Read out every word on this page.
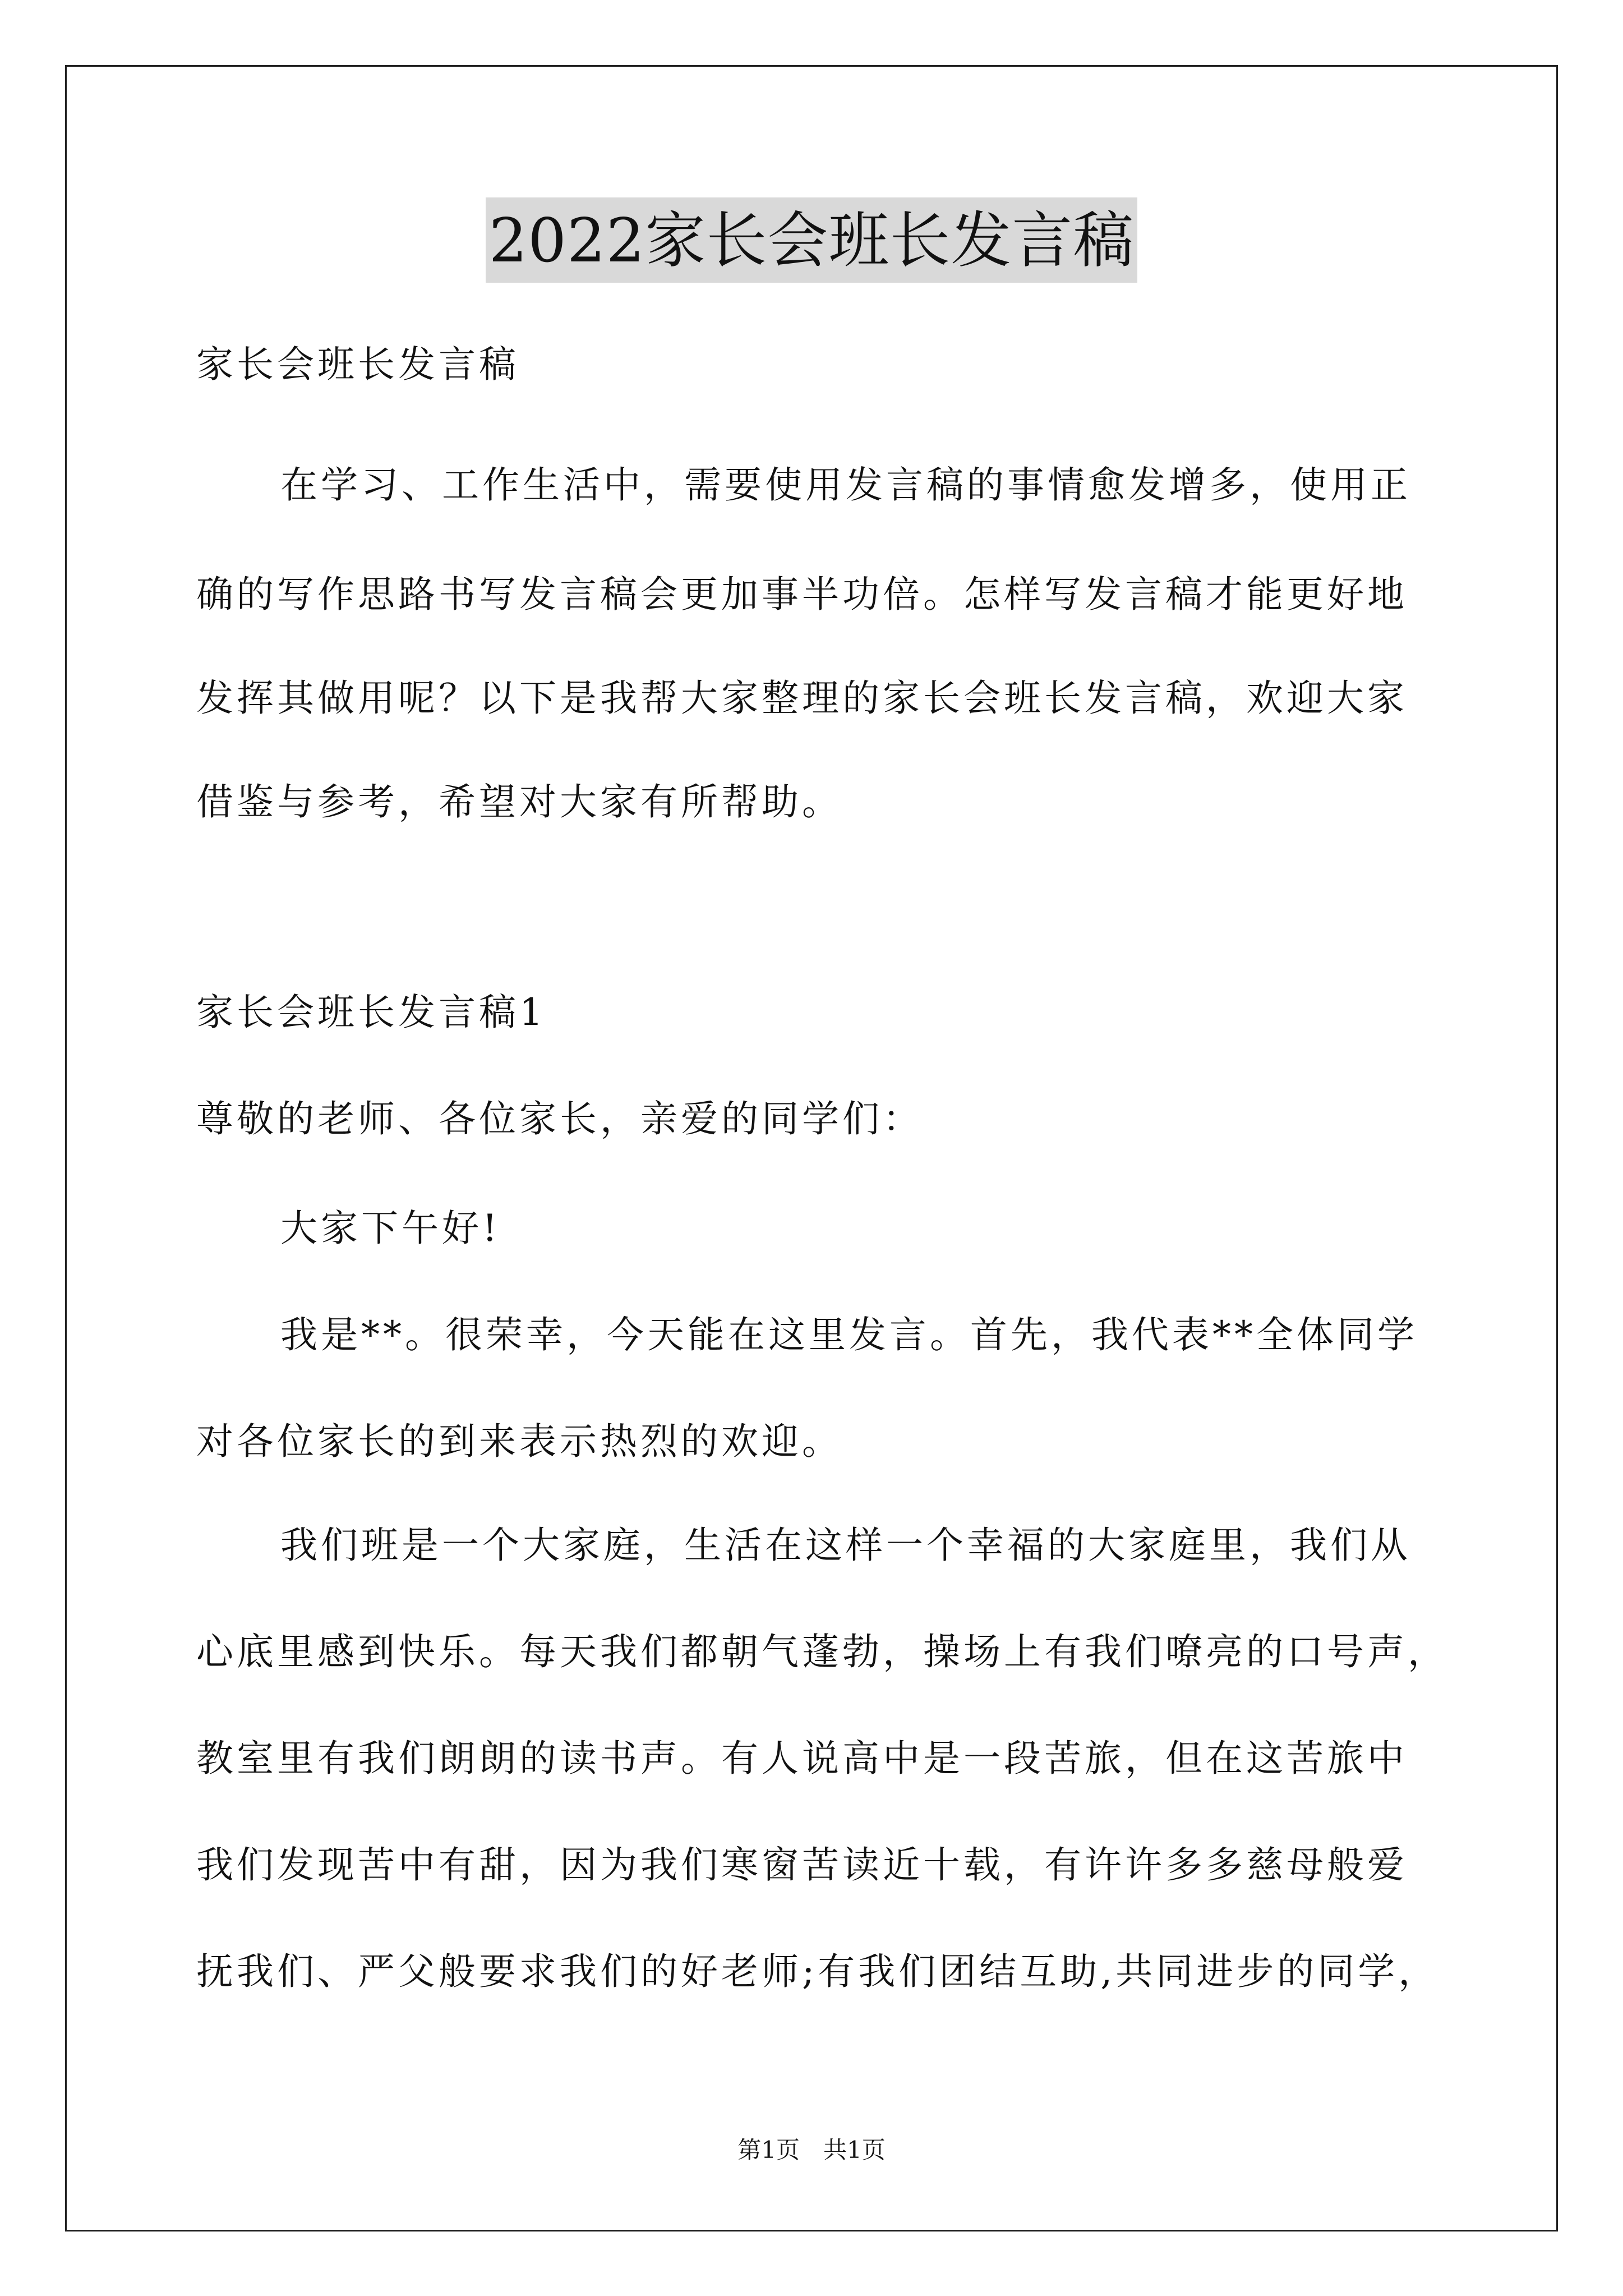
2022家长会班长发言稿
家长会班长发言稿
在学习、工作生活中，需要使用发言稿的事情愈发增多，使用正
确的写作思路书写发言稿会更加事半功倍。怎样写发言稿才能更好地
发挥其做用呢？以下是我帮大家整理的家长会班长发言稿，欢迎大家
借鉴与参考，希望对大家有所帮助。
家长会班长发言稿1
尊敬的老师、各位家长，亲爱的同学们：
大家下午好!
我是**。很荣幸，今天能在这里发言。首先，我代表**全体同学
对各位家长的到来表示热烈的欢迎。
我们班是一个大家庭，生活在这样一个幸福的大家庭里，我们从
心底里感到快乐。每天我们都朝气蓬勃，操场上有我们嘹亮的口号声，
教室里有我们朗朗的读书声。有人说高中是一段苦旅，但在这苦旅中
我们发现苦中有甜，因为我们寒窗苦读近十载，有许许多多慈母般爱
抚我们、严父般要求我们的好老师;有我们团结互助,共同进步的同学，
第1页　共1页
